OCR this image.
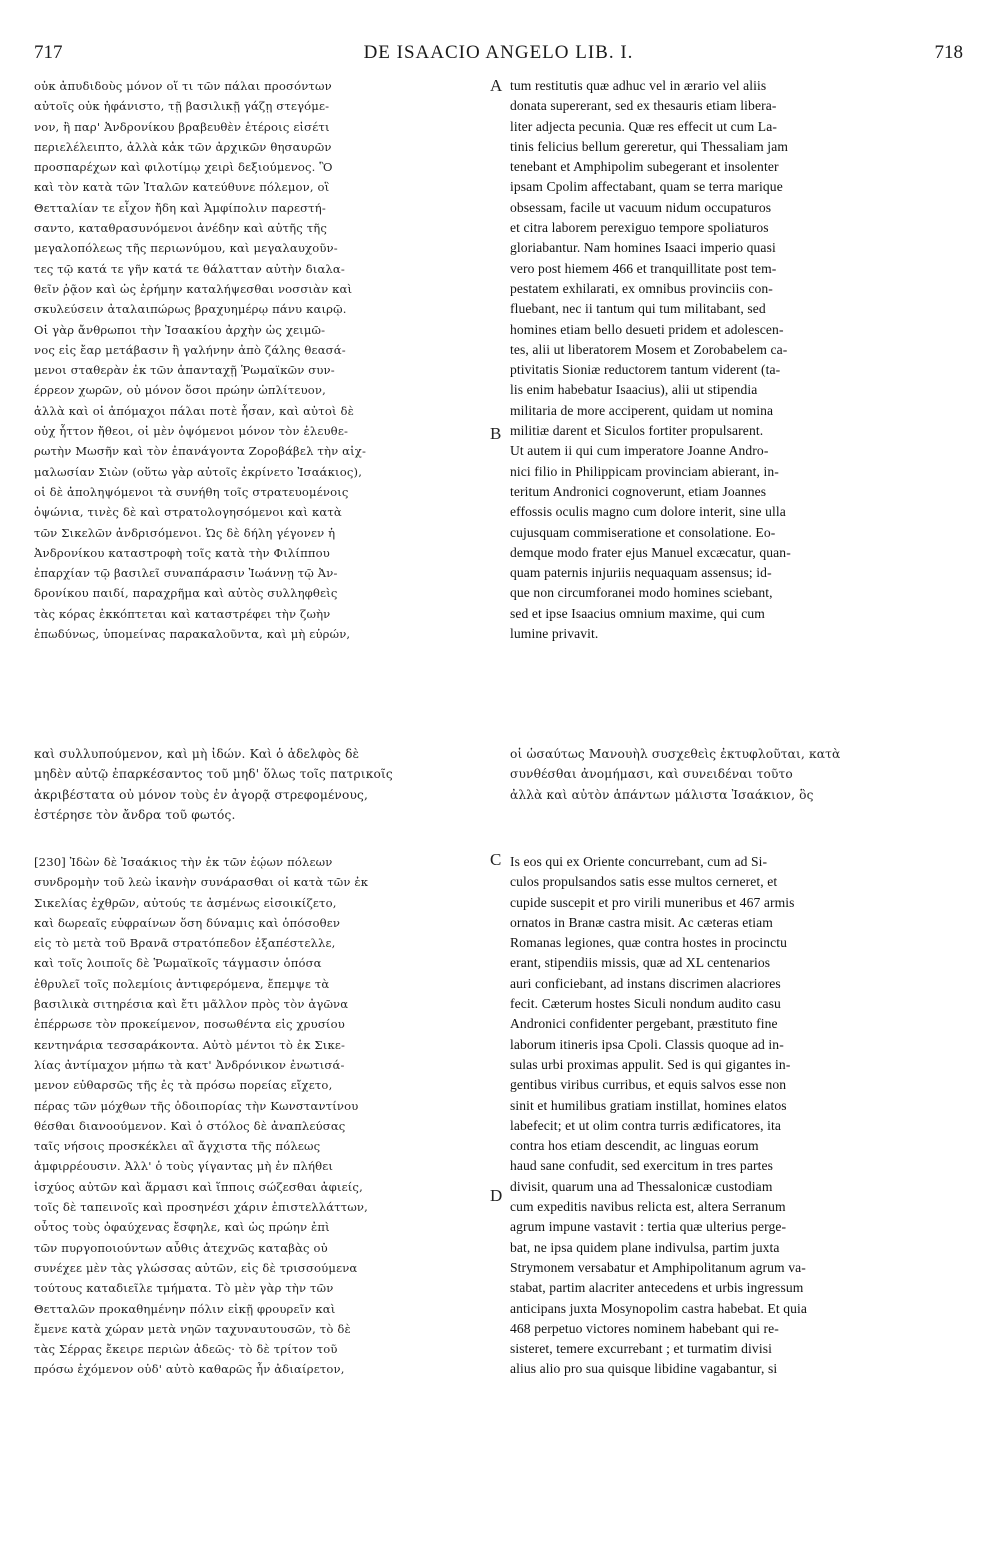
717	DE ISAACIO ANGELO LIB. I.	718
οὐκ ἀπυδιδοὺς μόνον οἵ τι τῶν πάλαι προσόντων
αὐτοῖς οὐκ ἠφάνιστο, τῇ βασιλικῇ γάζῃ στεγόμε-
νον, ἢ παρ' Ἀνδρονίκου βραβευθὲν ἑτέροις εἰσέτι
περιελέλειπτο, ἀλλὰ κἀκ τῶν ἀρχικῶν θησαυρῶν
προσπαρέχων καὶ φιλοτίμῳ χειρὶ δεξιούμενος. Ὃ
καὶ τὸν κατὰ τῶν Ἰταλῶν κατεύθυνε πόλεμον, οἳ
Θετταλίαν τε εἶχον ἤδη καὶ Ἀμφίπολιν παρεστή-
σαντο, καταθρασυνόμενοι ἀνέδην καὶ αὐτῆς τῆς
μεγαλοπόλεως τῆς περιωνύμου, καὶ μεγαλαυχοῦν-
τες τῷ κατά τε γῆν κατά τε θάλατταν αὐτὴν διαλα-
θεῖν ῥᾷον καὶ ὡς ἐρήμην καταλήψεσθαι νοσσιὰν καὶ
σκυλεύσειν ἀταλαιπώρως βραχυημέρῳ πάνυ καιρῷ.
Οἱ γὰρ ἄνθρωποι τὴν Ἰσαακίου ἀρχὴν ὡς χειμῶ-
νος εἰς ἔαρ μετάβασιν ἢ γαλήνην ἀπὸ ζάλης θεασά-
μενοι σταθερὰν ἐκ τῶν ἁπανταχῇ Ῥωμαϊκῶν συν-
έρρεον χωρῶν, οὐ μόνον ὅσοι πρώην ὡπλίτευον,
ἀλλὰ καὶ οἱ ἀπόμαχοι πάλαι ποτὲ ἦσαν, καὶ αὐτοὶ δὲ
οὐχ ἧττον ἤθεοι, οἱ μὲν ὀψόμενοι μόνον τὸν ἐλευθε-
ρωτὴν Μωσῆν καὶ τὸν ἐπανάγοντα Ζοροβάβελ τὴν αἰχ-
μαλωσίαν Σιὼν (οὕτω γὰρ αὐτοῖς ἐκρίνετο Ἰσαάκιος),
οἱ δὲ ἀποληψόμενοι τὰ συνήθη τοῖς στρατευομένοις
ὀψώνια, τινὲς δὲ καὶ στρατολογησόμενοι καὶ κατὰ
τῶν Σικελῶν ἀνδρισόμενοι. Ὡς δὲ δήλη γέγονεν ἡ
Ἀνδρονίκου καταστροφὴ τοῖς κατὰ τὴν Φιλίππου
ἐπαρχίαν τῷ βασιλεῖ συναπάρασιν Ἰωάννῃ τῷ Ἀν-
δρονίκου παιδί, παραχρῆμα καὶ αὐτὸς συλληφθεὶς
τὰς κόρας ἐκκόπτεται καὶ καταστρέφει τὴν ζωὴν
ἐπωδύνως, ὑπομείνας παρακαλοῦντα, καὶ μὴ εὑρών,
tum restitutis quæ adhuc vel in ærario vel aliis
donata supererant, sed ex thesauris etiam libera-
liter adjecta pecunia. Quæ res effecit ut cum La-
tinis felicius bellum gereretur, qui Thessaliam jam
tenebant et Amphipolim subegerant et insolenter
ipsam Cpolim affectabant, quam se terra marique
obsessam, facile ut vacuum nidum occupaturos
et citra laborem perexiguo tempore spoliaturos
gloriabantur. Nam homines Isaaci imperio quasi
vero post hiemem 466 et tranquillitate post tem-
pestatem exhilarati, ex omnibus provinciis con-
fluebant, nec ii tantum qui tum militabant, sed
homines etiam bello desueti pridem et adolescen-
tes, alii ut liberatorem Mosem et Zorobabelem ca-
ptivitatis Sioniæ reductorem tantum viderent (ta-
lis enim habebatur Isaacius), alii ut stipendia
militaria de more acciperent, quidam ut nomina
militiæ darent et Siculos fortiter propulsarent.
Ut autem ii qui cum imperatore Joanne Andro-
nici filio in Philippicam provinciam abierant, in-
teritum Andronici cognoverunt, etiam Joannes
effossis oculis magno cum dolore interit, sine ulla
cujusquam commiseratione et consolatione. Eo-
demque modo frater ejus Manuel excæcatur, quan-
quam paternis injuriis nequaquam assensus; id-
que non circumforanei modo homines sciebant,
sed et ipse Isaacius omnium maxime, qui cum
lumine privavit.
καὶ συλλυπούμενον, καὶ μὴ ἰδών. Καὶ ὁ ἀδελφὸς δὲ	οἱ ὡσαύτως Μανουὴλ συσχεθεὶς ἐκτυφλοῦται, κατὰ
μηδὲν αὐτῷ ἐπαρκέσαντος τοῦ μηδ' ὅλως τοῖς πατρικοῖς	συνθέσθαι ἀνομήμασι, καὶ συνειδέναι τοῦτο
ἀκριβέστατα οὐ μόνον τοὺς ἐν ἀγορᾷ στρεφομένους,	ἀλλὰ καὶ αὐτὸν ἁπάντων μάλιστα Ἰσαάκιον, ὃς
ἐστέρησε τὸν ἄνδρα τοῦ φωτός.
[230] Ἰδὼν δὲ Ἰσαάκιος τὴν ἐκ τῶν ἐῴων πόλεων
συνδρομὴν τοῦ λεὼ ἱκανὴν συνάρασθαι οἱ κατὰ τῶν ἐκ
Σικελίας ἐχθρῶν, αὐτούς τε ἀσμένως εἰσοικίζετο,
καὶ δωρεαῖς εὐφραίνων ὅση δύναμις καὶ ὁπόσοθεν
εἰς τὸ μετὰ τοῦ Βρανᾶ στρατόπεδον ἐξαπέστελλε,
καὶ τοῖς λοιποῖς δὲ Ῥωμαϊκοῖς τάγμασιν ὁπόσα
ἐθρυλεῖ τοῖς πολεμίοις ἀντιφερόμενα, ἔπεμψε τὰ
βασιλικὰ σιτηρέσια καὶ ἔτι μᾶλλον πρὸς τὸν ἀγῶνα
ἐπέρρωσε τὸν προκείμενον, ποσωθέντα εἰς χρυσίου
κεντηνάρια τεσσαράκοντα. Αὐτὸ μέντοι τὸ ἐκ Σικε-
λίας ἀντίμαχον μήπω τὰ κατ' Ἀνδρόνικον ἐνωτισά-
μενον εὐθαρσῶς τῆς ἐς τὰ πρόσω πορείας εἴχετο,
πέρας τῶν μόχθων τῆς ὁδοιπορίας τὴν Κωνσταντίνου
θέσθαι διανοούμενον. Καὶ ὁ στόλος δὲ ἀναπλεύσας
ταῖς νήσοις προσκέκλει αἳ ἄγχιστα τῆς πόλεως
ἀμφιρρέουσιν. Ἀλλ' ὁ τοὺς γίγαντας μὴ ἐν πλήθει
ἰσχύος αὐτῶν καὶ ἅρμασι καὶ ἵπποις σώζεσθαι ἀφιείς,
τοῖς δὲ ταπεινοῖς καὶ προσηνέσι χάριν ἐπιστελλάττων,
οὗτος τοὺς ὀφαύχενας ἔσφηλε, καὶ ὡς πρώην ἐπὶ
τῶν πυργοποιούντων αὖθις ἀτεχνῶς καταβὰς οὐ
συνέχεε μὲν τὰς γλώσσας αὐτῶν, εἰς δὲ τρισσούμενα
τούτους καταδιεῖλε τμήματα. Τὸ μὲν γὰρ τὴν τῶν
Θετταλῶν προκαθημένην πόλιν εἰκῇ φρουρεῖν καὶ
ἔμενε κατὰ χώραν μετὰ νηῶν ταχυναυτουσῶν, τὸ δὲ
τὰς Σέρρας ἔκειρε περιὼν ἀδεῶς· τὸ δὲ τρίτον τοῦ
πρόσω ἐχόμενον οὐδ' αὐτὸ καθαρῶς ἦν ἀδιαίρετον,
Is eos qui ex Oriente concurrebant, cum ad Si-
culos propulsandos satis esse multos cerneret, et
cupide suscepit et pro virili muneribus et 467 armis
ornatos in Branæ castra misit. Ac cæteras etiam
Romanas legiones, quæ contra hostes in procinctu
erant, stipendiis missis, quæ ad XL centenarios
auri conficiebant, ad instans discrimen alacriores
fecit. Cæterum hostes Siculi nondum audito casu
Andronici confidenter pergebant, præstituto fine
laborum itineris ipsa Cpoli. Classis quoque ad in-
sulas urbi proximas appulit. Sed is qui gigantes in-
gentibus viribus curribus, et equis salvos esse non
sinit et humilibus gratiam instillat, homines elatos
labefecit; et ut olim contra turris ædificatores, ita
contra hos etiam descendit, ac linguas eorum
haud sane confudit, sed exercitum in tres partes
divisit, quarum una ad Thessalonicæ custodiam
cum expeditis navibus relicta est, altera Serranum
agrum impune vastavit : tertia quæ ulterius perge-
bat, ne ipsa quidem plane indivulsa, partim juxta
Strymonem versabatur et Amphipolitanum agrum va-
stabat, partim alacriter antecedens et urbis ingressum
anticipans juxta Mosynopolim castra habebat. Et quia
468 perpetuo victores nominem habebant qui re-
sisteret, temere excurrebant ; et turmatim divisi
alius alio pro sua quisque libidine vagabantur, si
A
B
C
D
